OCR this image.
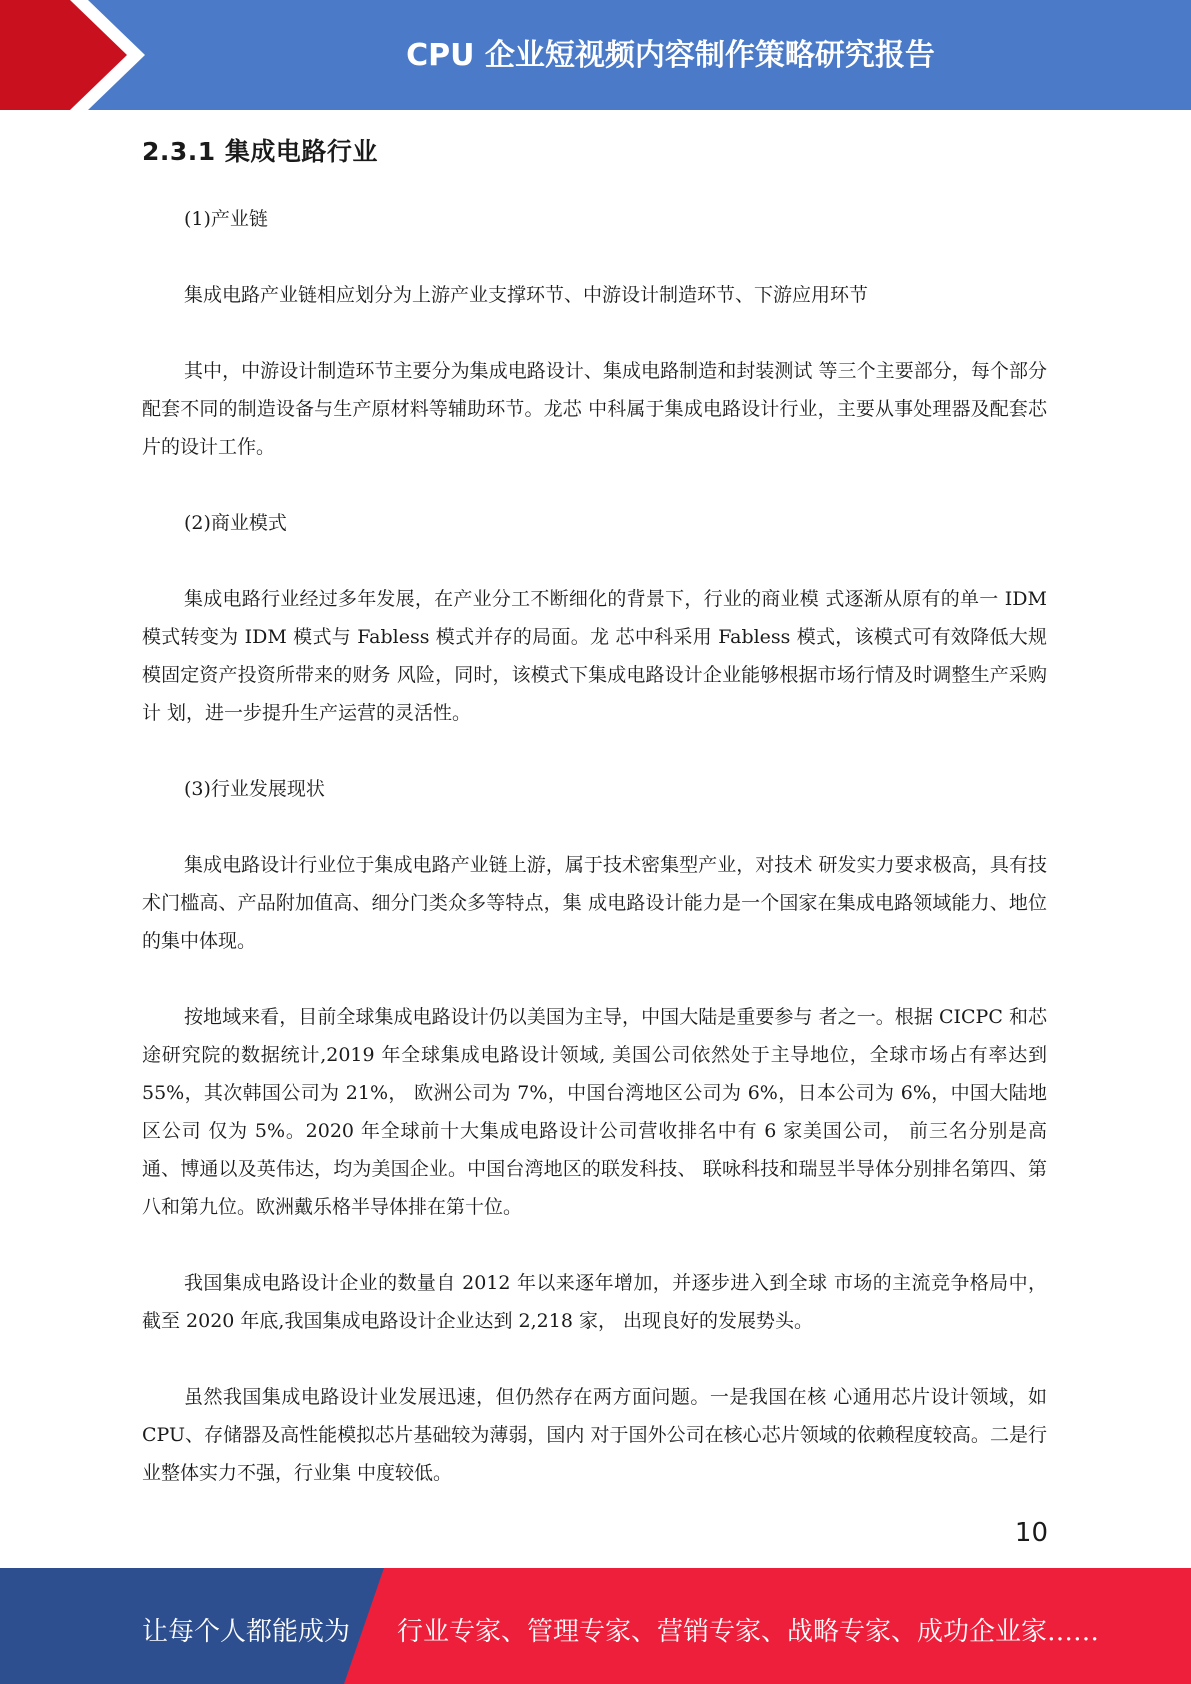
CPU 企业短视频内容制作策略研究报告
2.3.1 集成电路行业

(1)产业链

集成电路产业链相应划分为上游产业支撑环节、中游设计制造环节、下游应用环节

其中，中游设计制造环节主要分为集成电路设计、集成电路制造和封装测试 等三个主要部分，每个部分配套不同的制造设备与生产原材料等辅助环节。龙芯 中科属于集成电路设计行业，主要从事处理器及配套芯片的设计工作。

(2)商业模式

集成电路行业经过多年发展，在产业分工不断细化的背景下，行业的商业模 式逐渐从原有的单一 IDM 模式转变为 IDM 模式与 Fabless 模式并存的局面。龙 芯中科采用 Fabless 模式，该模式可有效降低大规模固定资产投资所带来的财务 风险，同时，该模式下集成电路设计企业能够根据市场行情及时调整生产采购计 划，进一步提升生产运营的灵活性。

(3)行业发展现状

集成电路设计行业位于集成电路产业链上游，属于技术密集型产业，对技术 研发实力要求极高，具有技术门槛高、产品附加值高、细分门类众多等特点，集 成电路设计能力是一个国家在集成电路领域能力、地位的集中体现。

按地域来看，目前全球集成电路设计仍以美国为主导，中国大陆是重要参与 者之一。根据 CICPC 和芯途研究院的数据统计,2019 年全球集成电路设计领域, 美国公司依然处于主导地位，全球市场占有率达到 55%，其次韩国公司为 21%， 欧洲公司为 7%，中国台湾地区公司为 6%，日本公司为 6%，中国大陆地区公司 仅为 5%。2020 年全球前十大集成电路设计公司营收排名中有 6 家美国公司， 前三名分别是高通、博通以及英伟达，均为美国企业。中国台湾地区的联发科技、 联咏科技和瑞昱半导体分别排名第四、第八和第九位。欧洲戴乐格半导体排在第十位。

我国集成电路设计企业的数量自 2012 年以来逐年增加，并逐步进入到全球 市场的主流竞争格局中，截至 2020 年底,我国集成电路设计企业达到 2,218 家， 出现良好的发展势头。

虽然我国集成电路设计业发展迅速，但仍然存在两方面问题。一是我国在核 心通用芯片设计领域，如 CPU、存储器及高性能模拟芯片基础较为薄弱，国内 对于国外公司在核心芯片领域的依赖程度较高。二是行业整体实力不强，行业集 中度较低。

10
让每个人都能成为 行业专家、管理专家、营销专家、战略专家、成功企业家……
